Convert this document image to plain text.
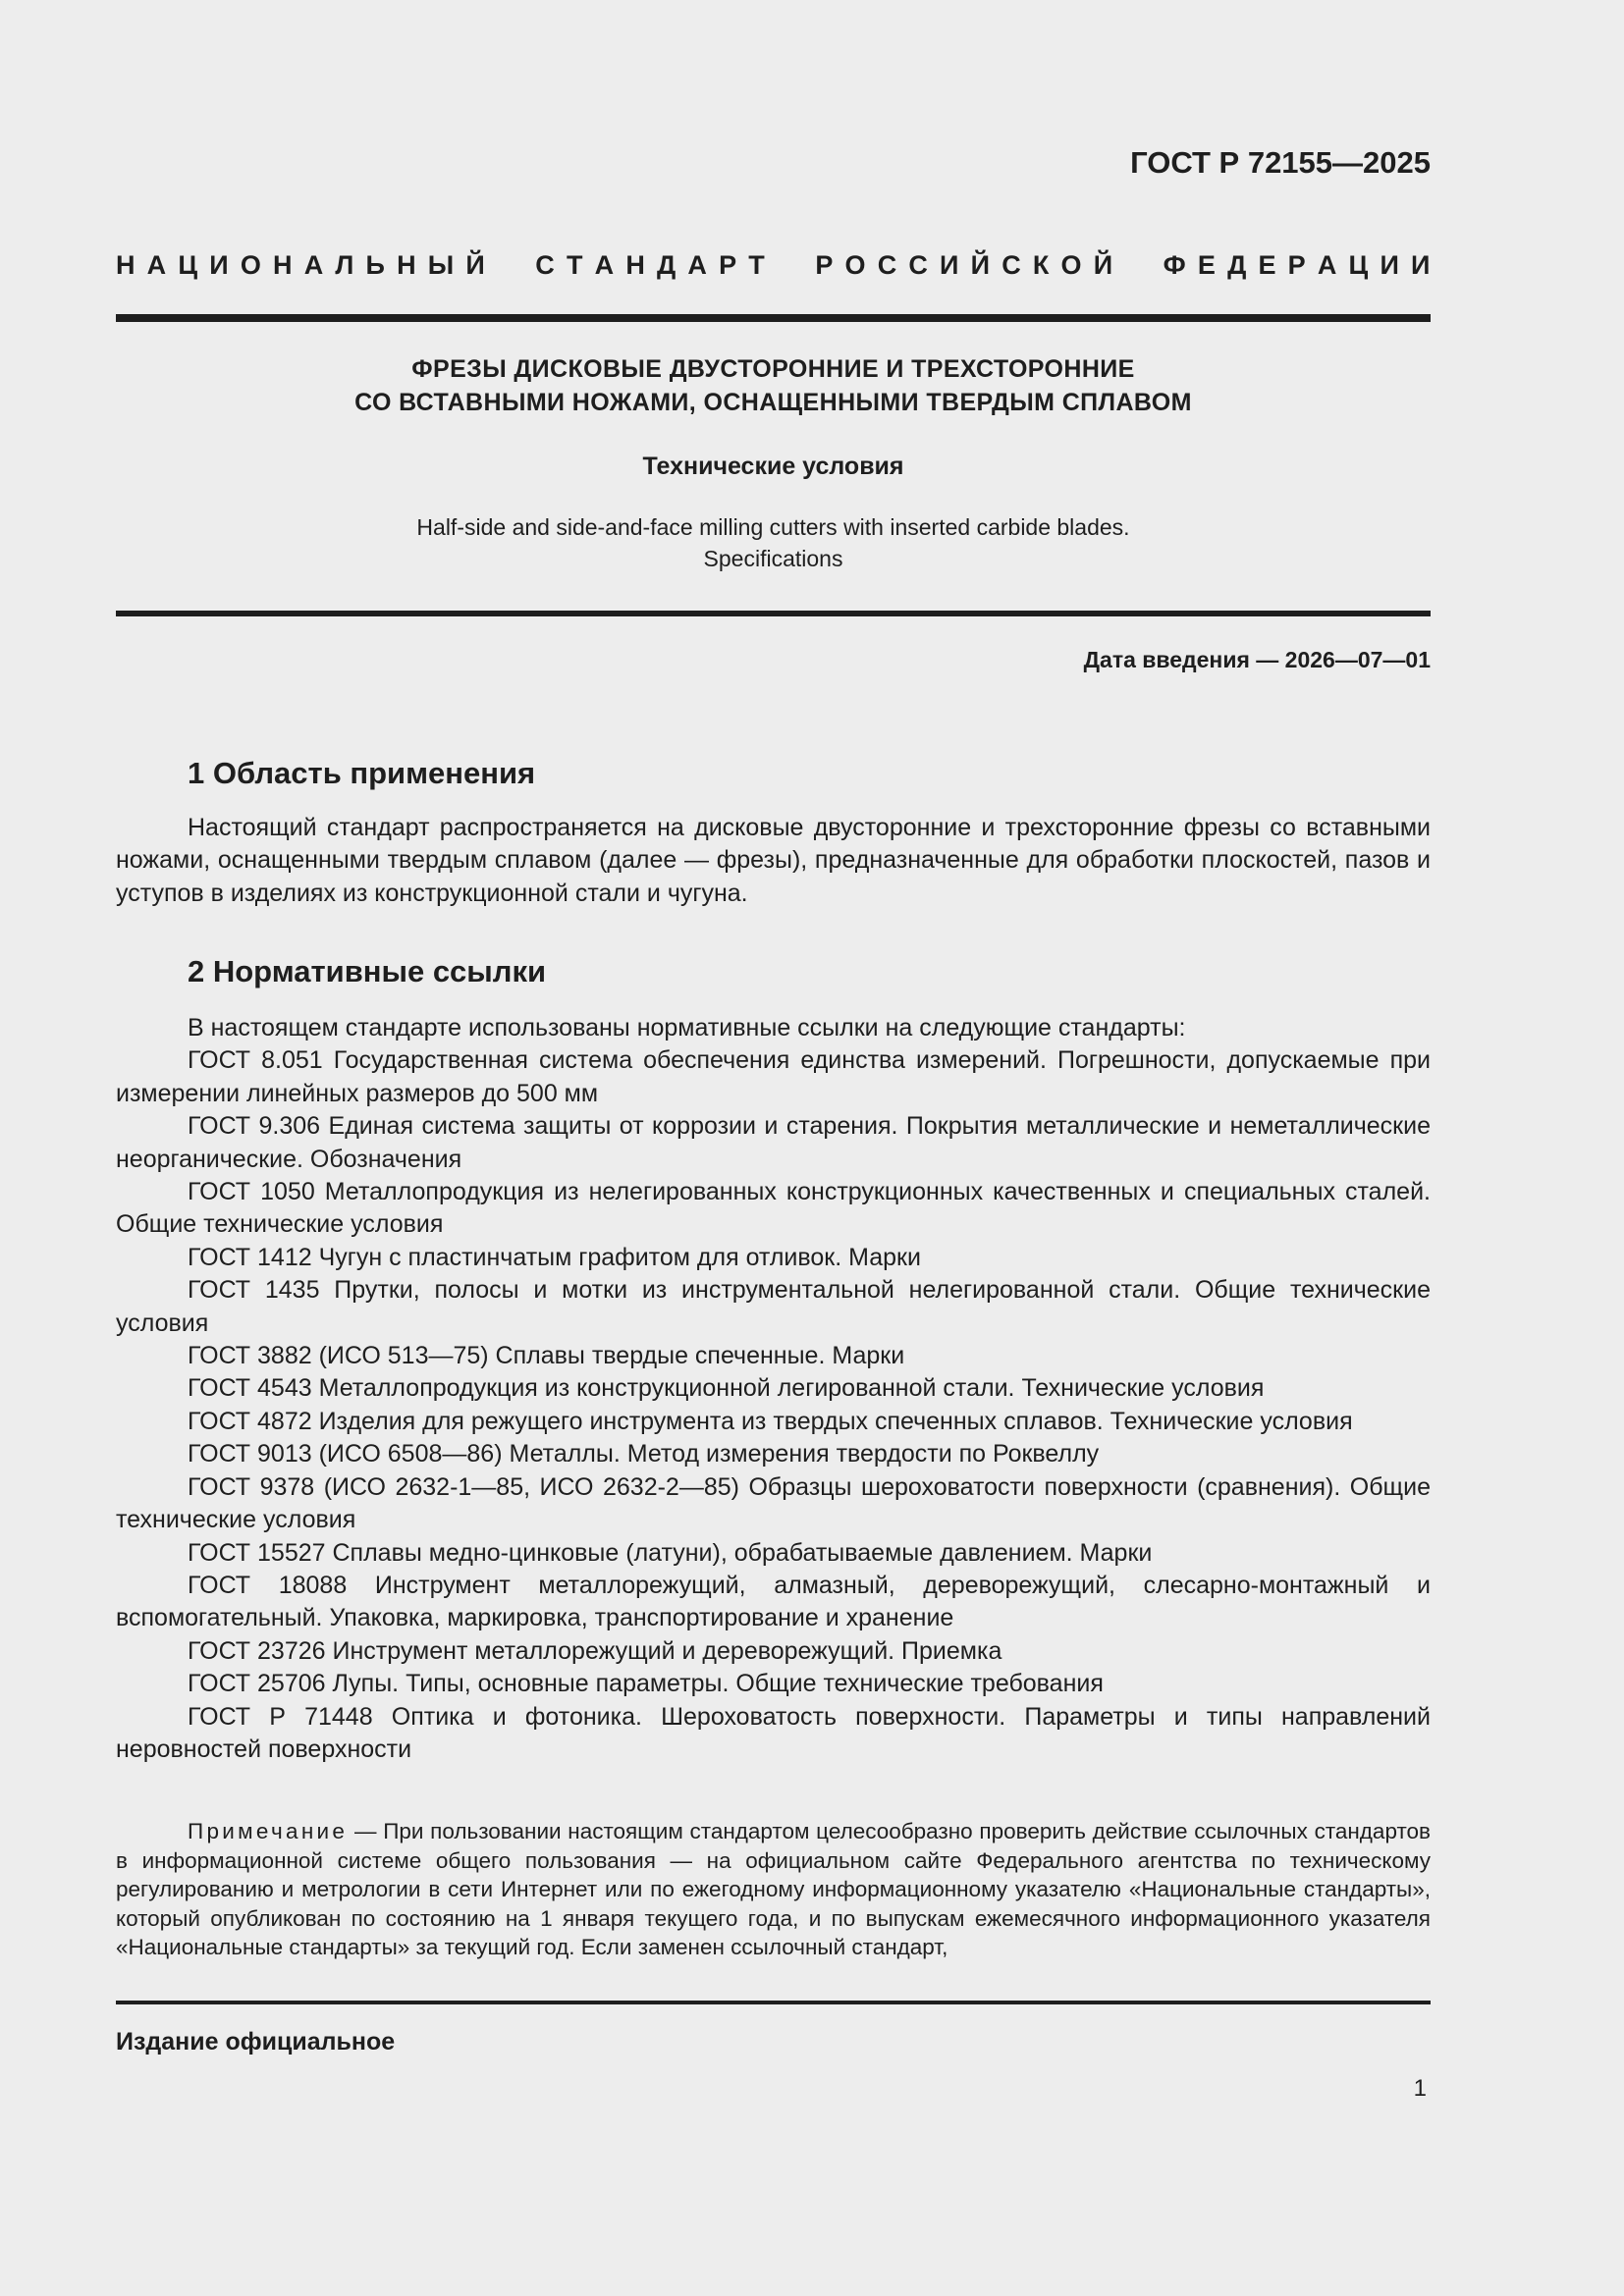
ГОСТ Р 72155—2025
Н А Ц И О Н А Л Ь Н Ы Й

С Т А Н Д А Р Т

Р О С С И Й С К О Й

Ф Е Д Е Р А Ц И И
ФРЕЗЫ ДИСКОВЫЕ ДВУСТОРОННИЕ И ТРЕХСТОРОННИЕ
СО ВСТАВНЫМИ НОЖАМИ, ОСНАЩЕННЫМИ ТВЕРДЫМ СПЛАВОМ
Технические условия
Half-side and side-and-face milling cutters with inserted carbide blades.
Specifications
Дата введения — 2026—07—01
1 Область применения
Настоящий стандарт распространяется на дисковые двусторонние и трехсторонние фрезы со вставными ножами, оснащенными твердым сплавом (далее — фрезы), предназначенные для обработки плоскостей, пазов и уступов в изделиях из конструкционной стали и чугуна.
2 Нормативные ссылки

В настоящем стандарте использованы нормативные ссылки на следующие стандарты:

ГОСТ 8.051 Государственная система обеспечения единства измерений. Погрешности, допускаемые при измерении линейных размеров до 500 мм

ГОСТ 9.306 Единая система защиты от коррозии и старения. Покрытия металлические и неметаллические неорганические. Обозначения

ГОСТ 1050 Металлопродукция из нелегированных конструкционных качественных и специальных сталей. Общие технические условия

ГОСТ 1412 Чугун с пластинчатым графитом для отливок. Марки

ГОСТ 1435 Прутки, полосы и мотки из инструментальной нелегированной стали. Общие технические условия

ГОСТ 3882 (ИСО 513—75) Сплавы твердые спеченные. Марки

ГОСТ 4543 Металлопродукция из конструкционной легированной стали. Технические условия

ГОСТ 4872 Изделия для режущего инструмента из твердых спеченных сплавов. Технические условия

ГОСТ 9013 (ИСО 6508—86) Металлы. Метод измерения твердости по Роквеллу

ГОСТ 9378 (ИСО 2632-1—85, ИСО 2632-2—85) Образцы шероховатости поверхности (сравнения). Общие технические условия

ГОСТ 15527 Сплавы медно-цинковые (латуни), обрабатываемые давлением. Марки

ГОСТ 18088 Инструмент металлорежущий, алмазный, дереворежущий, слесарно-монтажный и вспомогательный. Упаковка, маркировка, транспортирование и хранение

ГОСТ 23726 Инструмент металлорежущий и дереворежущий. Приемка

ГОСТ 25706 Лупы. Типы, основные параметры. Общие технические требования

ГОСТ Р 71448 Оптика и фотоника. Шероховатость поверхности. Параметры и типы направлений неровностей поверхности

Примечание — При пользовании настоящим стандартом целесообразно проверить действие ссылочных стандартов в информационной системе общего пользования — на официальном сайте Федерального агентства по техническому регулированию и метрологии в сети Интернет или по ежегодному информационному указателю «Национальные стандарты», который опубликован по состоянию на 1 января текущего года, и по выпускам ежемесячного информационного указателя «Национальные стандарты» за текущий год. Если заменен ссылочный стандарт,
Издание официальное
1
